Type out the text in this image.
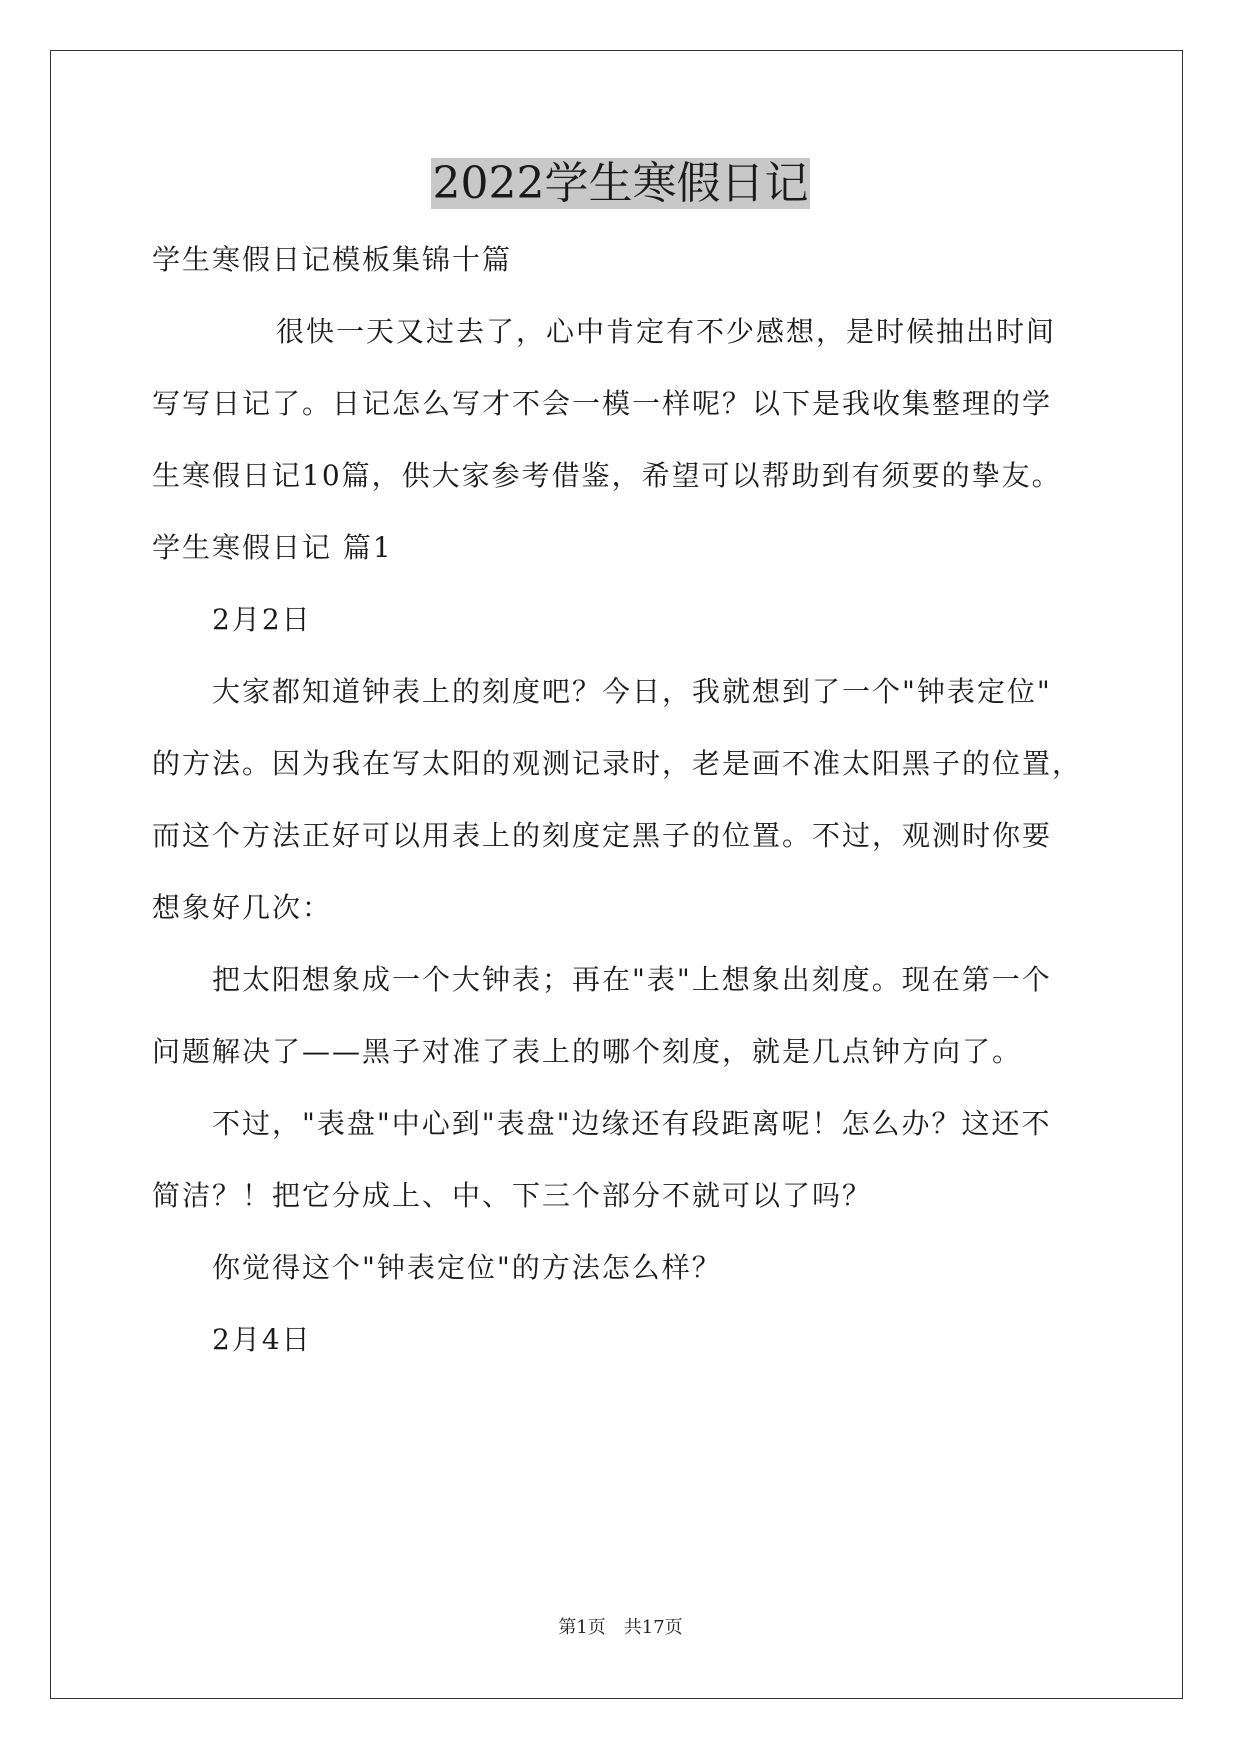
2022学生寒假日记
学生寒假日记模板集锦十篇
很快一天又过去了，心中肯定有不少感想，是时候抽出时间
写写日记了。日记怎么写才不会一模一样呢？以下是我收集整理的学
生寒假日记10篇，供大家参考借鉴，希望可以帮助到有须要的挚友。
学生寒假日记 篇1
2月2日
大家都知道钟表上的刻度吧？今日，我就想到了一个"钟表定位"
的方法。因为我在写太阳的观测记录时，老是画不准太阳黑子的位置，
而这个方法正好可以用表上的刻度定黑子的位置。不过，观测时你要
想象好几次：
把太阳想象成一个大钟表；再在"表"上想象出刻度。现在第一个
问题解决了——黑子对准了表上的哪个刻度，就是几点钟方向了。
不过，"表盘"中心到"表盘"边缘还有段距离呢！怎么办？这还不
简洁？！把它分成上、中、下三个部分不就可以了吗？
你觉得这个"钟表定位"的方法怎么样？
2月4日
第1页　共17页
